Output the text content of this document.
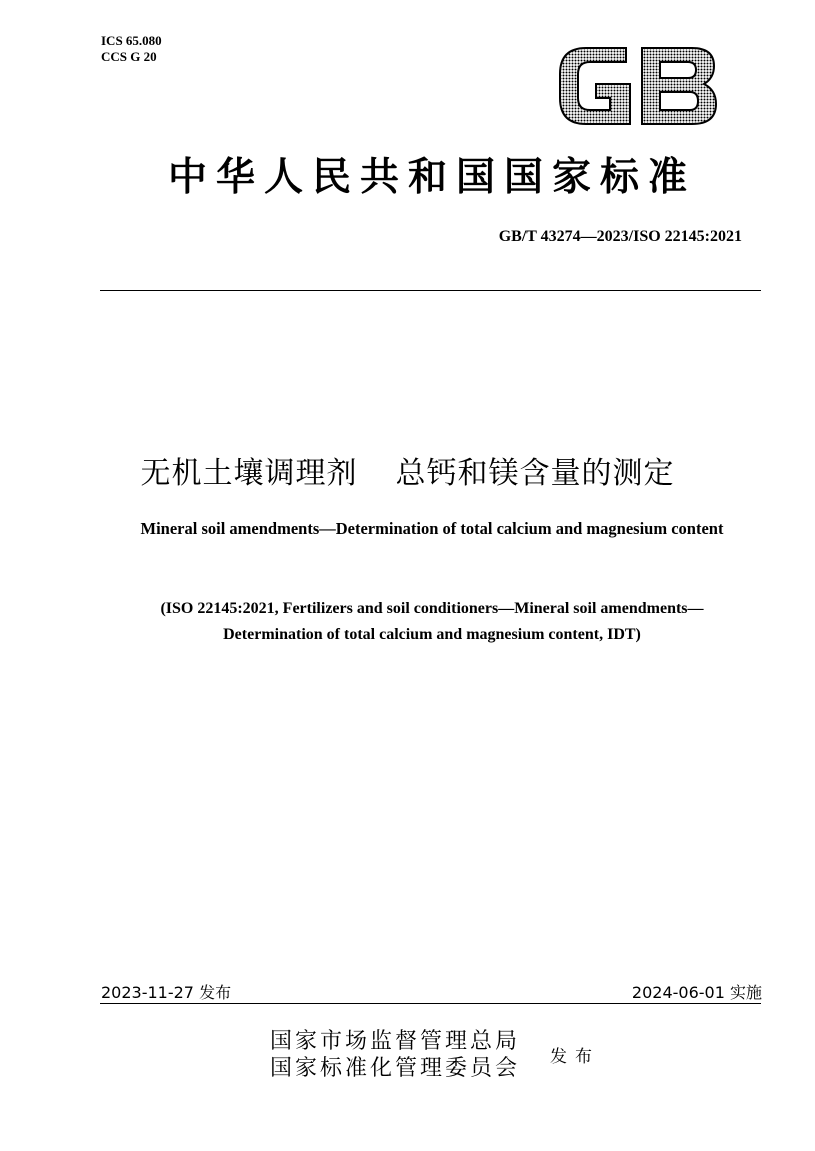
ICS 65.080
CCS G 20
中华人民共和国国家标准
GB/T 43274—2023/ISO 22145:2021
无机土壤调理剂 总钙和镁含量的测定
Mineral soil amendments—Determination of total calcium and magnesium content
(ISO 22145:2021, Fertilizers and soil conditioners—Mineral soil amendments—
Determination of total calcium and magnesium content, IDT)
2023-11-27 发布	2024-06-01 实施
国家市场监督管理总局
国家标准化管理委员会 发布
